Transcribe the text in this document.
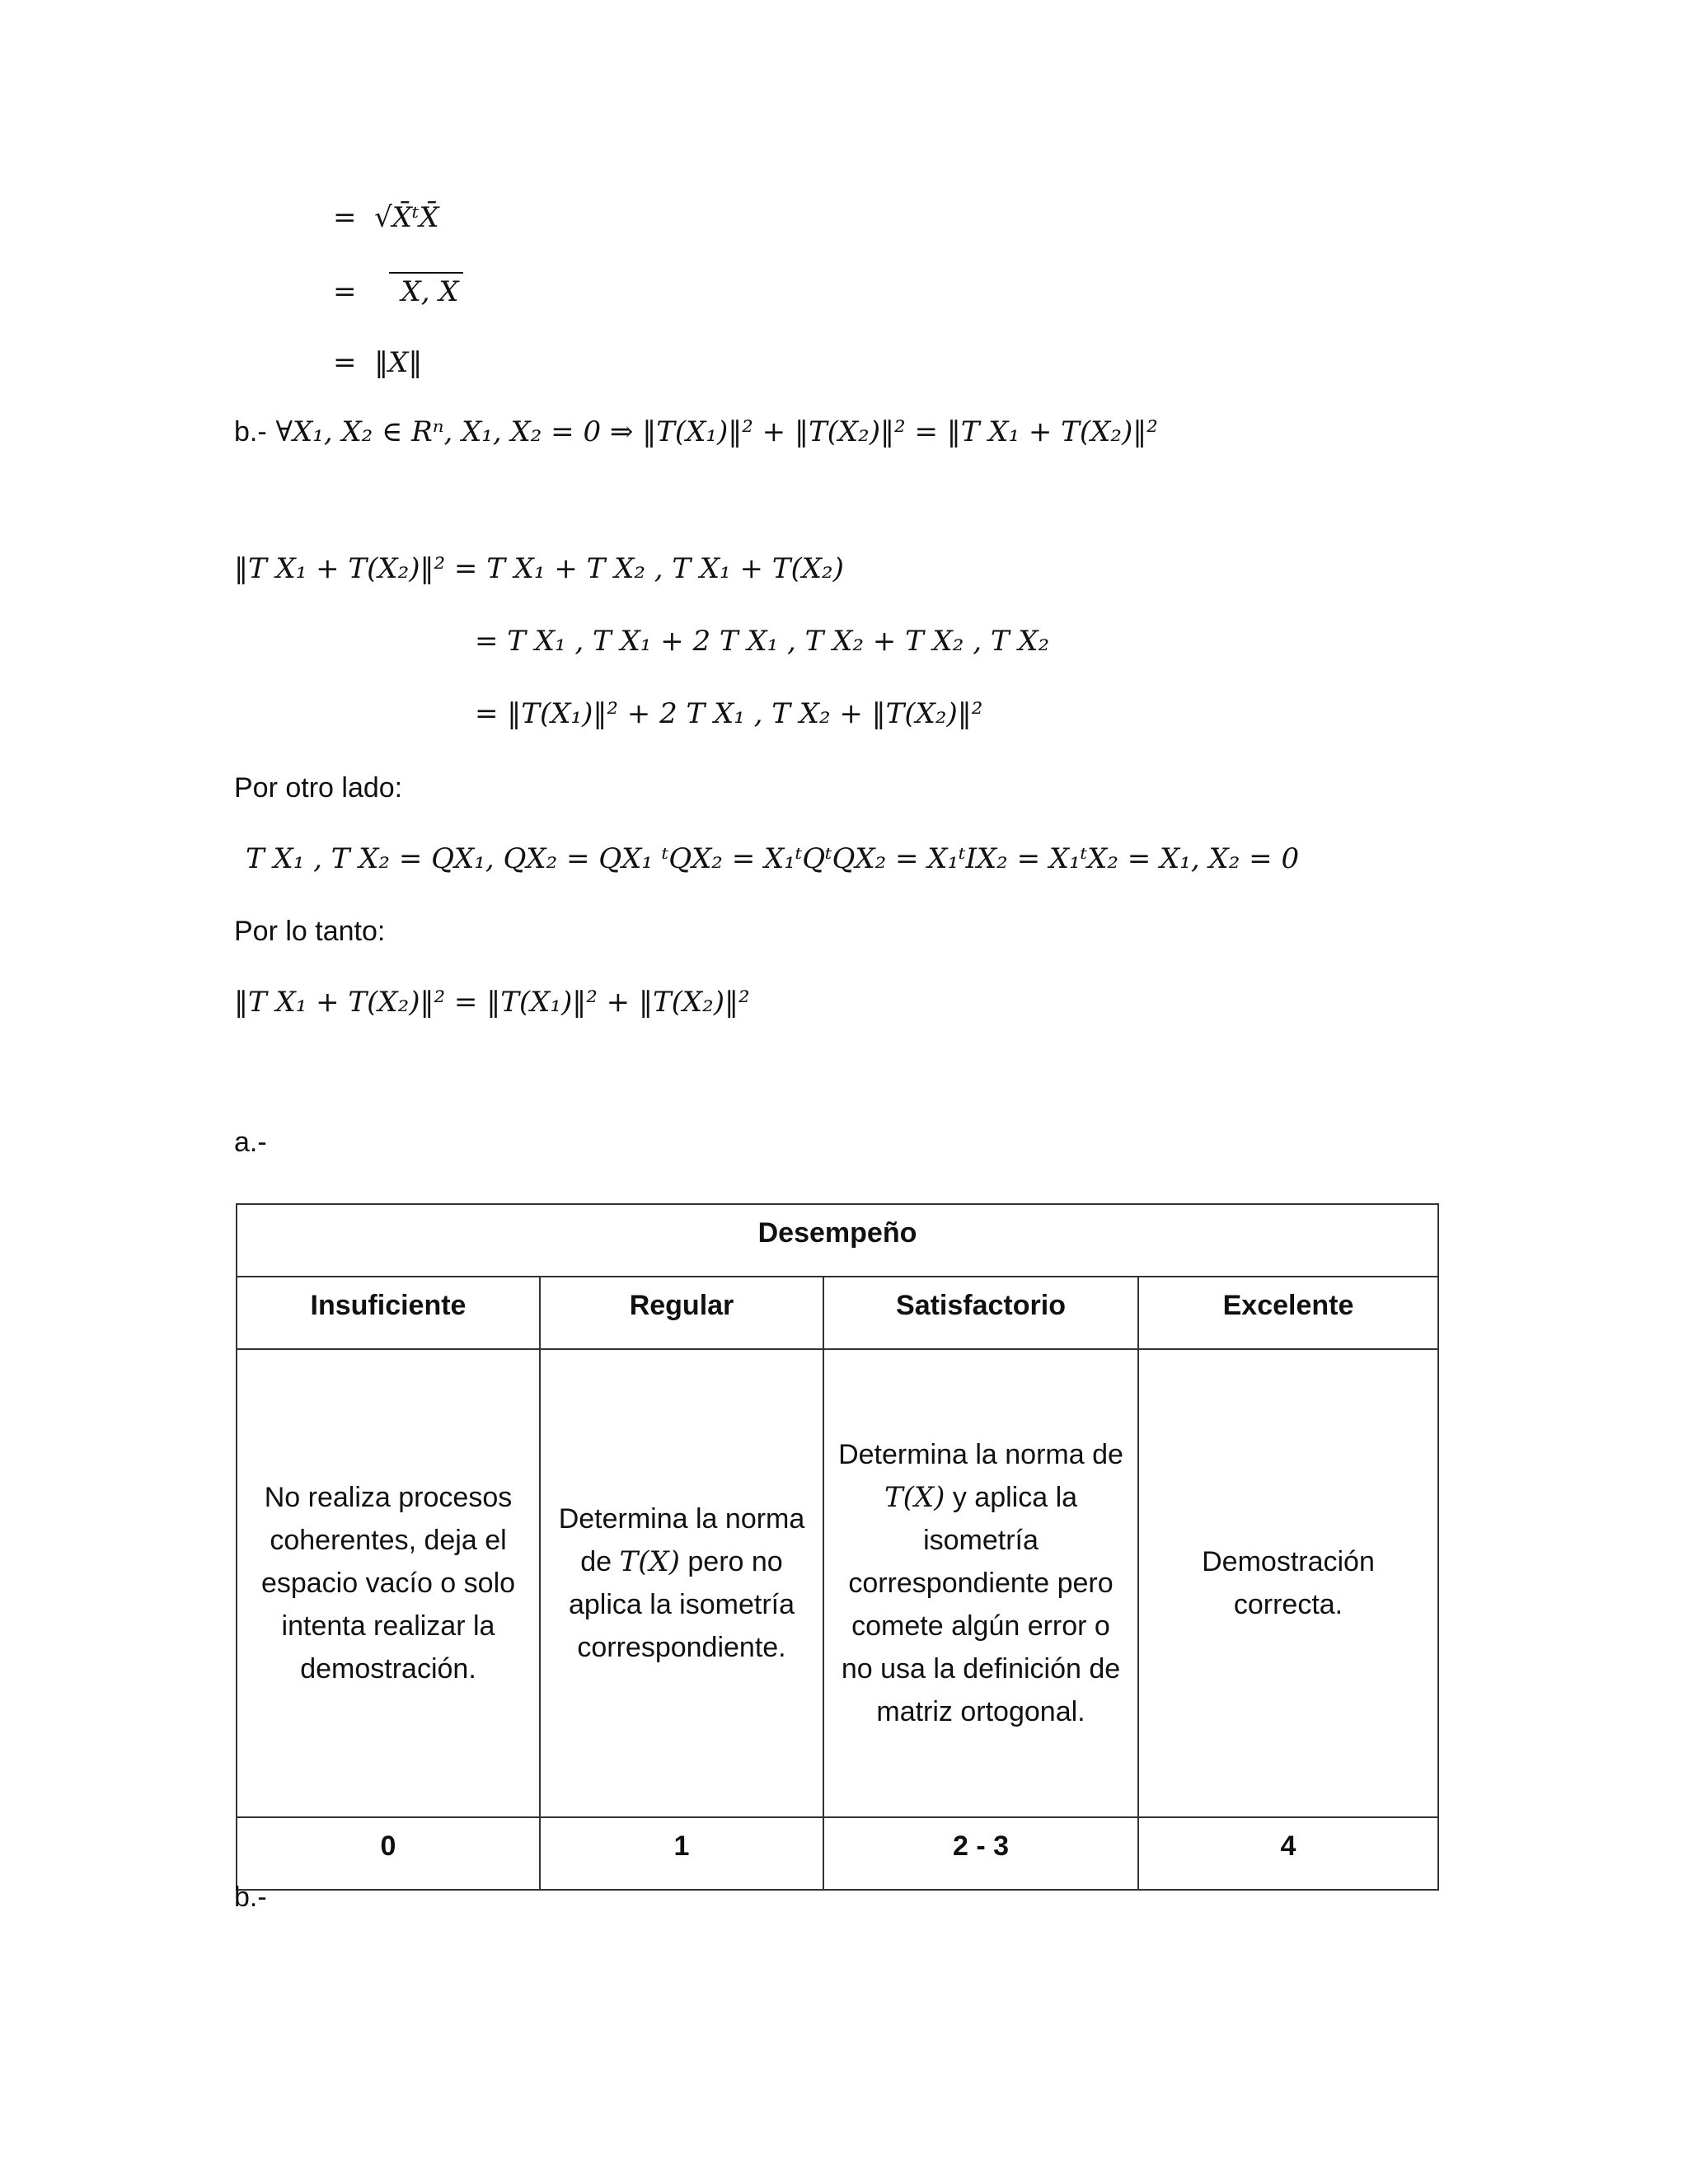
= √X̄ᵗX̄
= X, X
= ‖X‖
b.- ∀X₁, X₂ ∈ Rⁿ, X₁, X₂ = 0 ⇒ ‖T(X₁)‖² + ‖T(X₂)‖² = ‖T X₁ + T(X₂)‖²
‖T X₁ + T(X₂)‖² = T X₁ + T X₂ , T X₁ + T(X₂)
= T X₁ , T X₁ + 2 T X₁ , T X₂ + T X₂ , T X₂
= ‖T(X₁)‖² + 2 T X₁ , T X₂ + ‖T(X₂)‖²
Por otro lado:
T X₁ , T X₂ = QX₁, QX₂ = QX₁ ᵗQX₂ = X₁ᵗQᵗQX₂ = X₁ᵗIX₂ = X₁ᵗX₂ = X₁, X₂ = 0
Por lo tanto:
‖T X₁ + T(X₂)‖² = ‖T(X₁)‖² + ‖T(X₂)‖²
a.-
Desempeño			
Insuficiente	Regular	Satisfactorio	Excelente
No realiza procesos coherentes, deja el espacio vacío o solo intenta realizar la demostración.	Determina la norma de T(X) pero no aplica la isometría correspondiente.	Determina la norma de T(X) y aplica la isometría correspondiente pero comete algún error o no usa la definición de matriz ortogonal.	Demostración correcta.
0	1	2 - 3	4
b.-
